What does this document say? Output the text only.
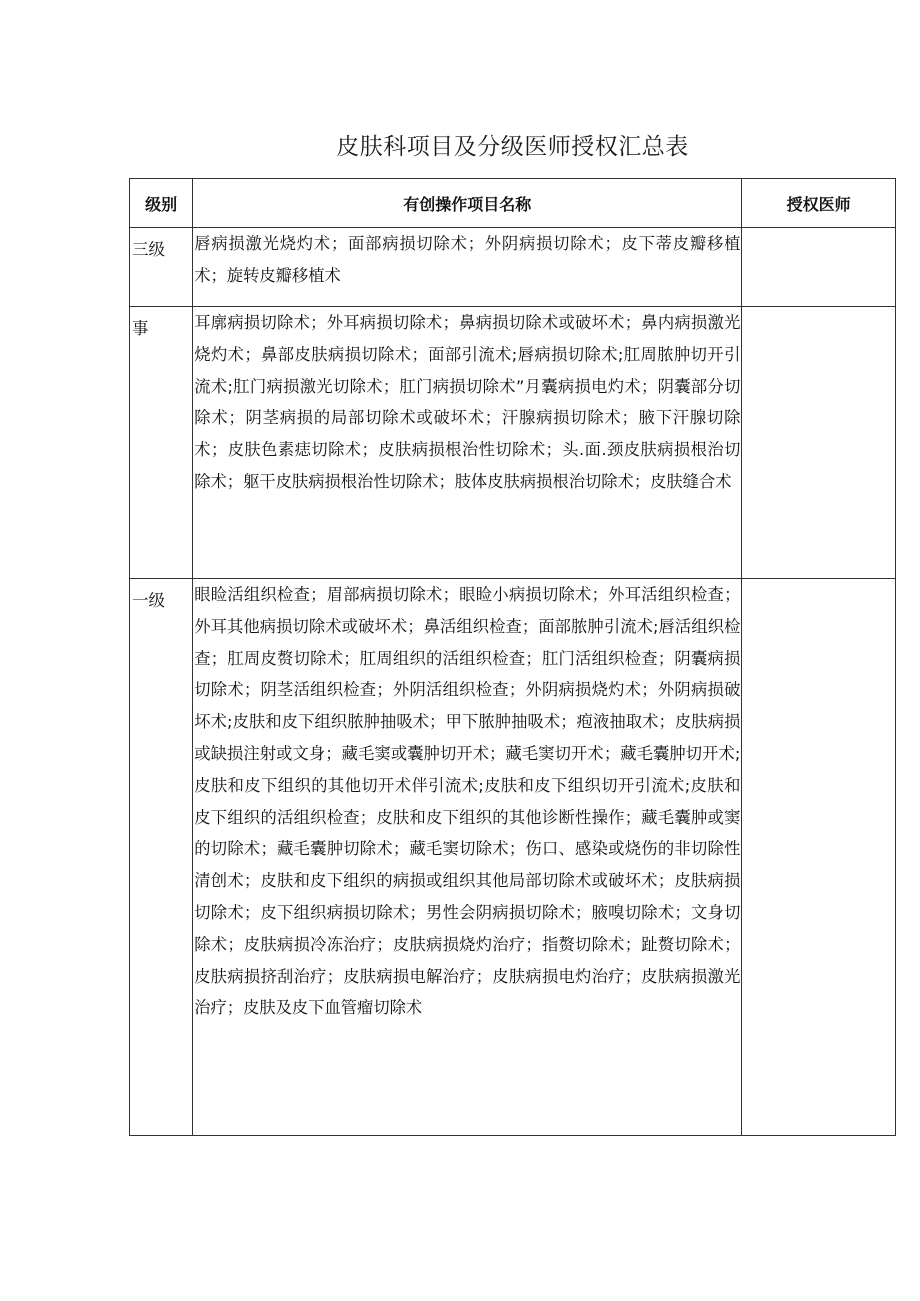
皮肤科项目及分级医师授权汇总表
级别	有创操作项目名称	授权医师
三级	唇病损激光烧灼术；面部病损切除术；外阴病损切除术；皮下蒂皮瓣移植术；旋转皮瓣移植术	
事	耳廓病损切除术；外耳病损切除术；鼻病损切除术或破坏术；鼻内病损激光烧灼术；鼻部皮肤病损切除术；面部引流术;唇病损切除术;肛周脓肿切开引流术;肛门病损激光切除术；肛门病损切除术”月囊病损电灼术；阴囊部分切除术；阴茎病损的局部切除术或破坏术；汗腺病损切除术；腋下汗腺切除术；皮肤色素痣切除术；皮肤病损根治性切除术；头.面.颈皮肤病损根治切除术；躯干皮肤病损根治性切除术；肢体皮肤病损根治切除术；皮肤缝合术	
一级	眼睑活组织检查；眉部病损切除术；眼睑小病损切除术；外耳活组织检查；外耳其他病损切除术或破坏术；鼻活组织检查；面部脓肿引流术;唇活组织检查；肛周皮赘切除术；肛周组织的活组织检查；肛门活组织检查；阴囊病损切除术；阴茎活组织检查；外阴活组织检查；外阴病损烧灼术；外阴病损破坏术;皮肤和皮下组织脓肿抽吸术；甲下脓肿抽吸术；疱液抽取术；皮肤病损或缺损注射或文身；藏毛窦或囊肿切开术；藏毛窦切开术；藏毛囊肿切开术;皮肤和皮下组织的其他切开术伴引流术;皮肤和皮下组织切开引流术;皮肤和皮下组织的活组织检查；皮肤和皮下组织的其他诊断性操作；藏毛囊肿或窦的切除术；藏毛囊肿切除术；藏毛窦切除术；伤口、感染或烧伤的非切除性清创术；皮肤和皮下组织的病损或组织其他局部切除术或破坏术；皮肤病损切除术；皮下组织病损切除术；男性会阴病损切除术；腋嗅切除术；文身切除术；皮肤病损冷冻治疗；皮肤病损烧灼治疗；指赘切除术；趾赘切除术；皮肤病损挤刮治疗；皮肤病损电解治疗；皮肤病损电灼治疗；皮肤病损激光治疗；皮肤及皮下血管瘤切除术	
